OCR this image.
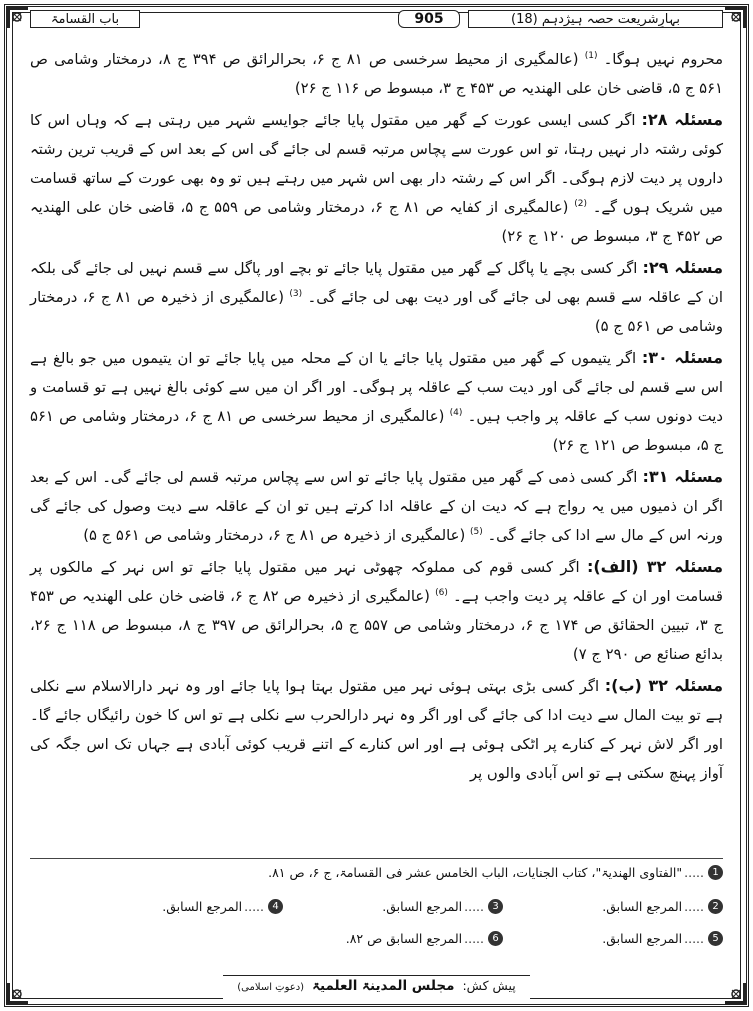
بہارِشریعت حصہ ہیژدہم (18)
905
باب القسامۃ

محروم نہیں ہوگا۔ $^{(1)}$ (عالمگیری از محیط سرخسی ص ۸۱ ج ۶، بحرالرائق ص ۳۹۴ ج ۸، درمختار وشامی ص ۵۶۱ ج ۵، قاضی خان علی الھندیہ ص ۴۵۳ ج ۳، مبسوط ص ۱۱۶ ج ۲۶)

مسئلہ ۲۸: اگر کسی ایسی عورت کے گھر میں مقتول پایا جائے جوایسے شہر میں رہتی ہے کہ وہاں اس کا کوئی رشتہ دار نہیں رہتا، تو اس عورت سے پچاس مرتبہ قسم لی جائے گی اس کے بعد اس کے قریب ترین رشتہ داروں پر دیت لازم ہوگی۔ اگر اس کے رشتہ دار بھی اس شہر میں رہتے ہیں تو وہ بھی عورت کے ساتھ قسامت میں شریک ہوں گے۔ $^{(2)}$ (عالمگیری از کفایہ ص ۸۱ ج ۶، درمختار وشامی ص ۵۵۹ ج ۵، قاضی خان علی الھندیہ ص ۴۵۲ ج ۳، مبسوط ص ۱۲۰ ج ۲۶)

مسئلہ ۲۹: اگر کسی بچے یا پاگل کے گھر میں مقتول پایا جائے تو بچے اور پاگل سے قسم نہیں لی جائے گی بلکہ ان کے عاقلہ سے قسم بھی لی جائے گی اور دیت بھی لی جائے گی۔ $^{(3)}$ (عالمگیری از ذخیرہ ص ۸۱ ج ۶، درمختار وشامی ص ۵۶۱ ج ۵)

مسئلہ ۳۰: اگر یتیموں کے گھر میں مقتول پایا جائے یا ان کے محلہ میں پایا جائے تو ان یتیموں میں جو بالغ ہے اس سے قسم لی جائے گی اور دیت سب کے عاقلہ پر ہوگی۔ اور اگر ان میں سے کوئی بالغ نہیں ہے تو قسامت و دیت دونوں سب کے عاقلہ پر واجب ہیں۔ $^{(4)}$ (عالمگیری از محیط سرخسی ص ۸۱ ج ۶، درمختار وشامی ص ۵۶۱ ج ۵، مبسوط ص ۱۲۱ ج ۲۶)

مسئلہ ۳۱: اگر کسی ذمی کے گھر میں مقتول پایا جائے تو اس سے پچاس مرتبہ قسم لی جائے گی۔ اس کے بعد اگر ان ذمیوں میں یہ رواج ہے کہ دیت ان کے عاقلہ ادا کرتے ہیں تو ان کے عاقلہ سے دیت وصول کی جائے گی ورنہ اس کے مال سے ادا کی جائے گی۔ $^{(5)}$ (عالمگیری از ذخیرہ ص ۸۱ ج ۶، درمختار وشامی ص ۵۶۱ ج ۵)

مسئلہ ۳۲ (الف): اگر کسی قوم کی مملوکہ چھوٹی نہر میں مقتول پایا جائے تو اس نہر کے مالکوں پر قسامت اور ان کے عاقلہ پر دیت واجب ہے۔ $^{(6)}$ (عالمگیری از ذخیرہ ص ۸۲ ج ۶، قاضی خان علی الھندیہ ص ۴۵۳ ج ۳، تبیین الحقائق ص ۱۷۴ ج ۶، درمختار وشامی ص ۵۵۷ ج ۵، بحرالرائق ص ۳۹۷ ج ۸، مبسوط ص ۱۱۸ ج ۲۶، بدائع صنائع ص ۲۹۰ ج ۷)

مسئلہ ۳۲ (ب): اگر کسی بڑی بہتی ہوئی نہر میں مقتول بہتا ہوا پایا جائے اور وہ نہر دارالاسلام سے نکلی ہے تو بیت المال سے دیت ادا کی جائے گی اور اگر وہ نہر دارالحرب سے نکلی ہے تو اس کا خون رائیگاں جائے گا۔ اور اگر لاش نہر کے کنارے پر اٹکی ہوئی ہے اور اس کنارے کے اتنے قریب کوئی آبادی ہے جہاں تک اس جگہ کی آواز پہنچ سکتی ہے تو اس آبادی والوں پر

1
.....
"الفتاوی الھندیۃ"، کتاب الجنایات، الباب الخامس عشر فی القسامۃ، ج ۶، ص ۸۱.
2
.....
المرجع السابق.
3
.....
المرجع السابق.
4
.....
المرجع السابق.
5
.....
المرجع السابق.
6
.....
المرجع السابق ص ۸۲.
پیش کش: مجلس المدینۃ العلمیۃ (دعوتِ اسلامی)
